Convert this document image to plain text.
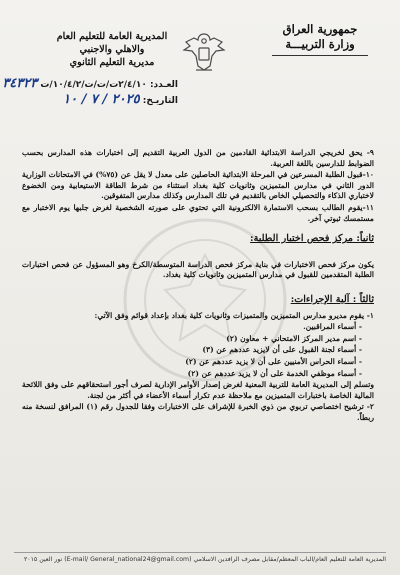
جمهورية العراق
وزارة التربيـــة
المديرية العامة للتعليم العام
والاهلي والاجنبي
مديرية التعليم الثانوي
العـدد: ٢/٤/١٠ت/ت/ت/١٠/٤/٢/ت ٣٤٣٢٣
التاريـخ: ٢٠٢٥ / ٧ / ١٠

٩- يحق لخريجي الدراسة الابتدائية القادمين من الدول العربية التقديم إلى اختبارات هذه المدارس بحسب الضوابط للدارسين باللغة العربية.

١٠-قبول الطلبة المسرعين في المرحلة الابتدائية الحاصلين على معدل لا يقل عن (٧٥%) في الامتحانات الوزارية الدور الثاني في مدارس المتميزين وثانويات كلية بغداد استثناء من شرط الطاقة الاستيعابية ومن الخضوع لاختباري الذكاء والتحصيلي الخاص بالتقديم في تلك المدارس وكذلك مدارس المتفوقين.

١١-يقوم الطالب بسحب الاستمارة الالكترونية التي تحتوي على صورته الشخصية لغرض جلبها يوم الاختبار مع مستمسك ثبوتي آخر.

ثانياً: مركز فحص اختبار الطلبة:

يكون مركز فحص الاختبارات في بناية مركز فحص الدراسة المتوسطة/الكرخ وهو المسؤول عن فحص اختبارات الطلبة المتقدمين للقبول في مدارس المتميزين وثانويات كلية بغداد.

ثالثاً : آلية الإجراءات:

١- يقوم مديرو مدارس المتميزين والمتميزات وثانويات كلية بغداد بإعداد قوائم وفق الآتي:

- أسماء المراقبين.

- اسم مدير المركز الامتحاني + معاون (٢)

- أسماء لجنة القبول على أن لايزيد عددهم عن (٣)

- أسماء الحراس الأمنيين على أن لا يزيد عددهم عن (٢)

- أسماء موظفي الخدمة على أن لا يزيد عددهم عن (٢)

وتسلم إلى المديرية العامة للتربية المعنية لغرض إصدار الأوامر الإدارية لصرف أجور استحقاقهم على وفق اللائحة المالية الخاصة باختبارات المتميزين مع ملاحظة عدم تكرار أسماء الأعضاء في أكثر من لجنة.

٢- ترشيح اختصاصي تربوي من ذوي الخبرة للإشراف على الاختبارات وفقا للجدول رقم (١) المرافق لنسخة منه ربطاً.

المديرية العامة للتعليم العام/الباب المعظم/مقابل مصرف الرافدين الاسلامي (E-mail/ General_national24@gmail.com) نور العين ٢٠١٥
